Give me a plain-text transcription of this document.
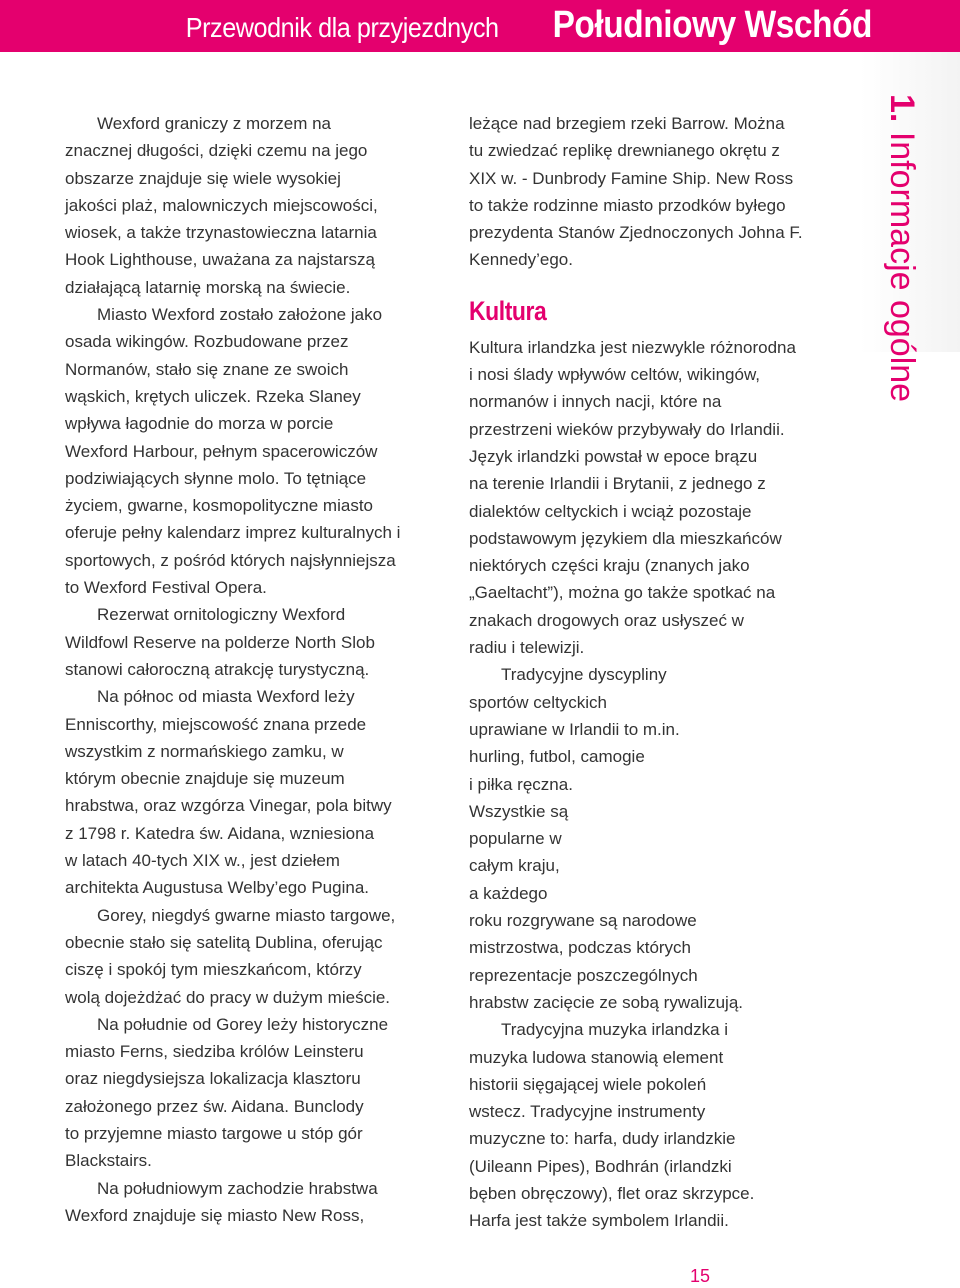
Przewodnik dla przyjezdnych Południowy Wschód
1. Informacje ogólne

Wexford graniczy z morzem na
znacznej długości, dzięki czemu na jego
obszarze znajduje się wiele wysokiej
jakości plaż, malowniczych miejscowości,
wiosek, a także trzynastowieczna latarnia
Hook Lighthouse, uważana za najstarszą
działającą latarnię morską na świecie.

Miasto Wexford zostało założone jako
osada wikingów. Rozbudowane przez
Normanów, stało się znane ze swoich
wąskich, krętych uliczek. Rzeka Slaney
wpływa łagodnie do morza w porcie
Wexford Harbour, pełnym spacerowiczów
podziwiających słynne molo. To tętniące
życiem, gwarne, kosmopolityczne miasto
oferuje pełny kalendarz imprez kulturalnych i
sportowych, z pośród których najsłynniejsza
to Wexford Festival Opera.

Rezerwat ornitologiczny Wexford
Wildfowl Reserve na polderze North Slob
stanowi całoroczną atrakcję turystyczną.

Na północ od miasta Wexford leży
Enniscorthy, miejscowość znana przede
wszystkim z normańskiego zamku, w
którym obecnie znajduje się muzeum
hrabstwa, oraz wzgórza Vinegar, pola bitwy
z 1798 r. Katedra św. Aidana, wzniesiona
w latach 40-tych XIX w., jest dziełem
architekta Augustusa Welby’ego Pugina.

Gorey, niegdyś gwarne miasto targowe,
obecnie stało się satelitą Dublina, oferując
ciszę i spokój tym mieszkańcom, którzy
wolą dojeżdżać do pracy w dużym mieście.

Na południe od Gorey leży historyczne
miasto Ferns, siedziba królów Leinsteru
oraz niegdysiejsza lokalizacja klasztoru
założonego przez św. Aidana. Bunclody
to przyjemne miasto targowe u stóp gór
Blackstairs.

Na południowym zachodzie hrabstwa
Wexford znajduje się miasto New Ross,

leżące nad brzegiem rzeki Barrow. Można
tu zwiedzać replikę drewnianego okrętu z
XIX w. - Dunbrody Famine Ship. New Ross
to także rodzinne miasto przodków byłego
prezydenta Stanów Zjednoczonych Johna F.
Kennedy’ego.

Kultura

Kultura irlandzka jest niezwykle różnorodna
i nosi ślady wpływów celtów, wikingów,
normanów i innych nacji, które na
przestrzeni wieków przybywały do Irlandii.
Język irlandzki powstał w epoce brązu
na terenie Irlandii i Brytanii, z jednego z
dialektów celtyckich i wciąż pozostaje
podstawowym językiem dla mieszkańców
niektórych części kraju (znanych jako
„Gaeltacht”), można go także spotkać na
znakach drogowych oraz usłyszeć w
radiu i telewizji.

Tradycyjne dyscypliny
sportów celtyckich
uprawiane w Irlandii to m.in.
hurling, futbol, camogie
i piłka ręczna.
Wszystkie są
popularne w
całym kraju,
a każdego
roku rozgrywane są narodowe
mistrzostwa, podczas których
reprezentacje poszczególnych
hrabstw zacięcie ze sobą rywalizują.

Tradycyjna muzyka irlandzka i
muzyka ludowa stanowią element
historii sięgającej wiele pokoleń
wstecz. Tradycyjne instrumenty
muzyczne to: harfa, dudy irlandzkie
(Uileann Pipes), Bodhrán (irlandzki
bęben obręczowy), flet oraz skrzypce.
Harfa jest także symbolem Irlandii.

15
